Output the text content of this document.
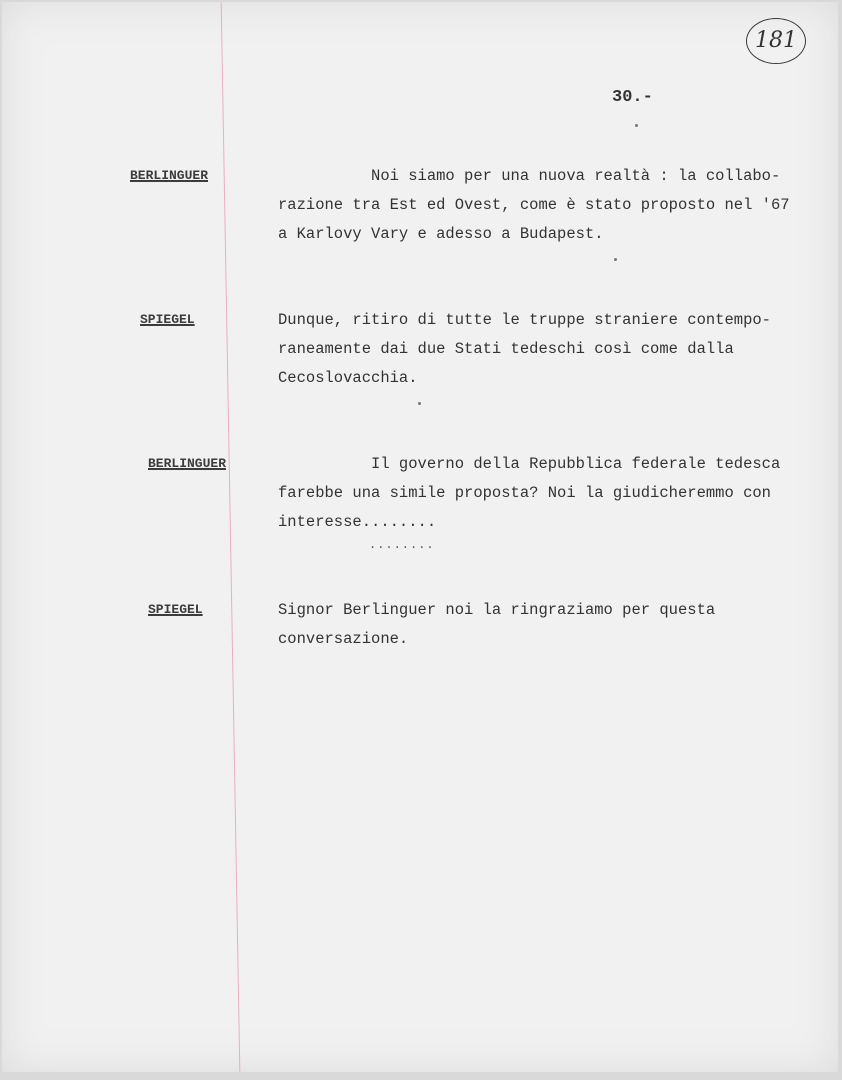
181
30.-
BERLINGUER	Noi siamo per una nuova realtà : la collabo-
razione tra Est ed Ovest, come è stato proposto nel '67
a Karlovy Vary e adesso a Budapest.
SPIEGEL	Dunque, ritiro di tutte le truppe straniere contempo-
raneamente dai due Stati tedeschi così come dalla
Cecoslovacchia.
BERLINGUER	Il governo della Repubblica federale tedesca
farebbe una simile proposta? Noi la giudicheremmo con
interesse........
........
SPIEGEL	Signor Berlinguer noi la ringraziamo per questa
conversazione.
